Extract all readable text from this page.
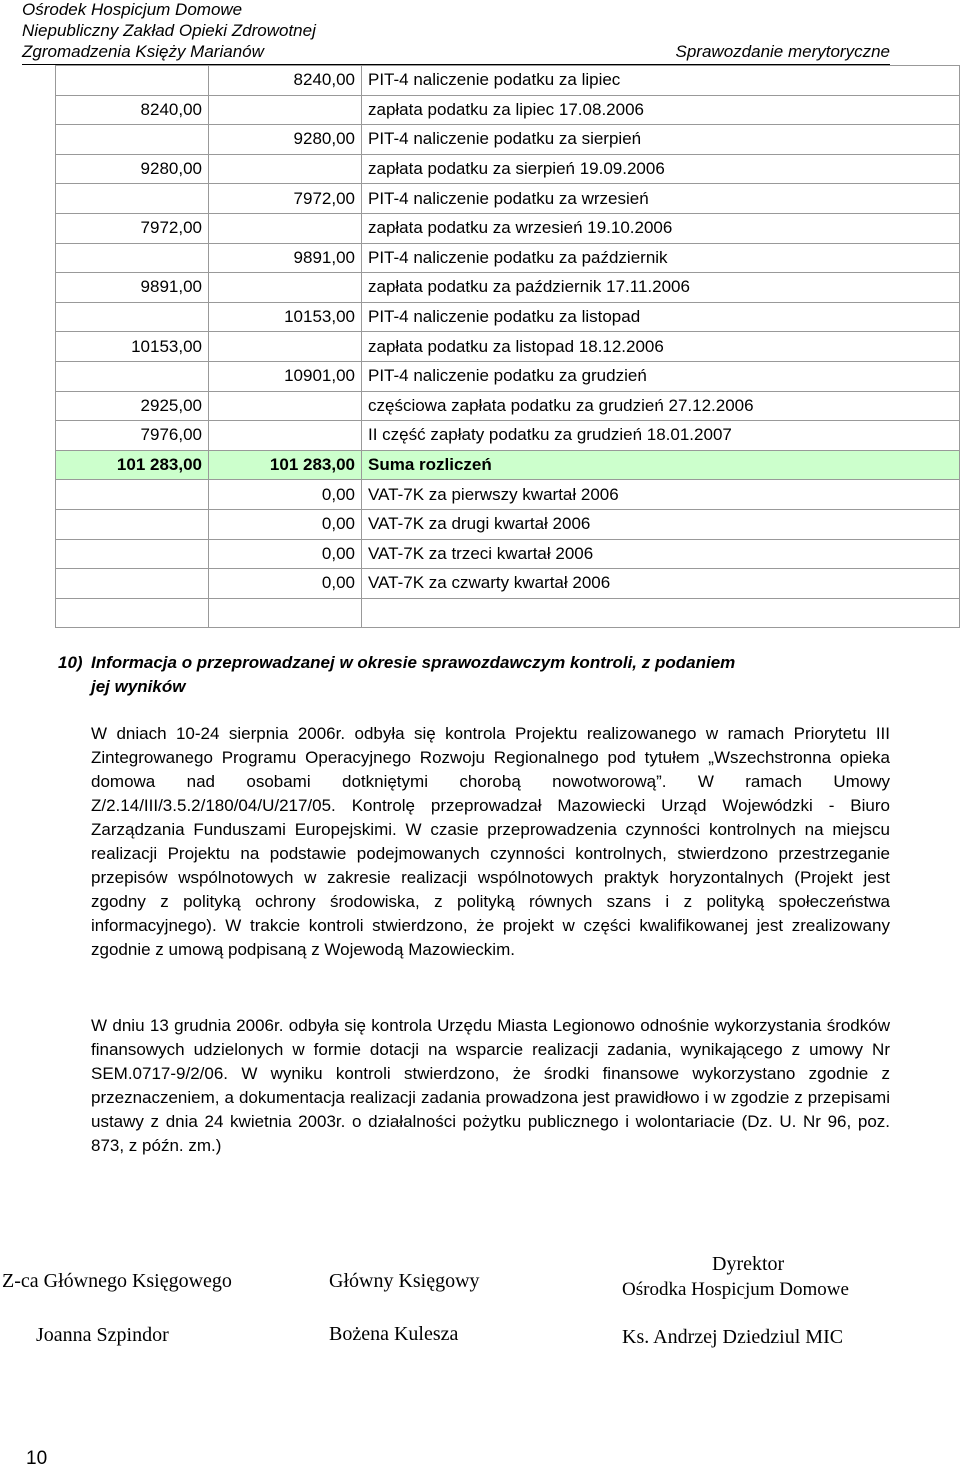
Ośrodek Hospicjum Domowe
Niepubliczny Zakład Opieki Zdrowotnej
Zgromadzenia Księży Marianów	Sprawozdanie merytoryczne
	8240,00	PIT-4 naliczenie podatku za lipiec
8240,00		zapłata podatku za lipiec 17.08.2006
	9280,00	PIT-4 naliczenie podatku za sierpień
9280,00		zapłata podatku za sierpień 19.09.2006
	7972,00	PIT-4 naliczenie podatku za wrzesień
7972,00		zapłata podatku za wrzesień 19.10.2006
	9891,00	PIT-4 naliczenie podatku za październik
9891,00		zapłata podatku za październik 17.11.2006
	10153,00	PIT-4 naliczenie podatku za listopad
10153,00		zapłata podatku za listopad 18.12.2006
	10901,00	PIT-4 naliczenie podatku za grudzień
2925,00		częściowa zapłata podatku za grudzień 27.12.2006
7976,00		II część zapłaty podatku za grudzień 18.01.2007
101 283,00	101 283,00	Suma rozliczeń
	0,00	VAT-7K za pierwszy kwartał 2006
	0,00	VAT-7K za drugi kwartał 2006
	0,00	VAT-7K za trzeci kwartał 2006
	0,00	VAT-7K za czwarty kwartał 2006

10) Informacja o przeprowadzanej w okresie sprawozdawczym kontroli, z podaniem
jej wyników
W dniach 10-24 sierpnia 2006r. odbyła się kontrola Projektu realizowanego w ramach Priorytetu III Zintegrowanego Programu Operacyjnego Rozwoju Regionalnego pod tytułem „Wszechstronna opieka domowa nad osobami dotkniętymi chorobą nowotworową”. W ramach Umowy Z/2.14/III/3.5.2/180/04/U/217/05. Kontrolę przeprowadzał Mazowiecki Urząd Wojewódzki - Biuro Zarządzania Funduszami Europejskimi. W czasie przeprowadzenia czynności kontrolnych na miejscu realizacji Projektu na podstawie podejmowanych czynności kontrolnych, stwierdzono przestrzeganie przepisów wspólnotowych w zakresie realizacji wspólnotowych praktyk horyzontalnych (Projekt jest zgodny z polityką ochrony środowiska, z polityką równych szans i z polityką społeczeństwa informacyjnego). W trakcie kontroli stwierdzono, że projekt w części kwalifikowanej jest zrealizowany zgodnie z umową podpisaną z Wojewodą Mazowieckim.
W dniu 13 grudnia 2006r. odbyła się kontrola Urzędu Miasta Legionowo odnośnie wykorzystania środków finansowych udzielonych w formie dotacji na wsparcie realizacji zadania, wynikającego z umowy Nr SEM.0717-9/2/06. W wyniku kontroli stwierdzono, że środki finansowe wykorzystano zgodnie z przeznaczeniem, a dokumentacja realizacji zadania prowadzona jest prawidłowo i w zgodzie z przepisami ustawy z dnia 24 kwietnia 2003r. o działalności pożytku publicznego i wolontariacie (Dz. U. Nr 96, poz. 873, z późn. zm.)
Z-ca Głównego Księgowego
Joanna Szpindor
Główny Księgowy
Bożena Kulesza
Dyrektor
Ośrodka Hospicjum Domowe
Ks. Andrzej Dziedziul MIC
10
